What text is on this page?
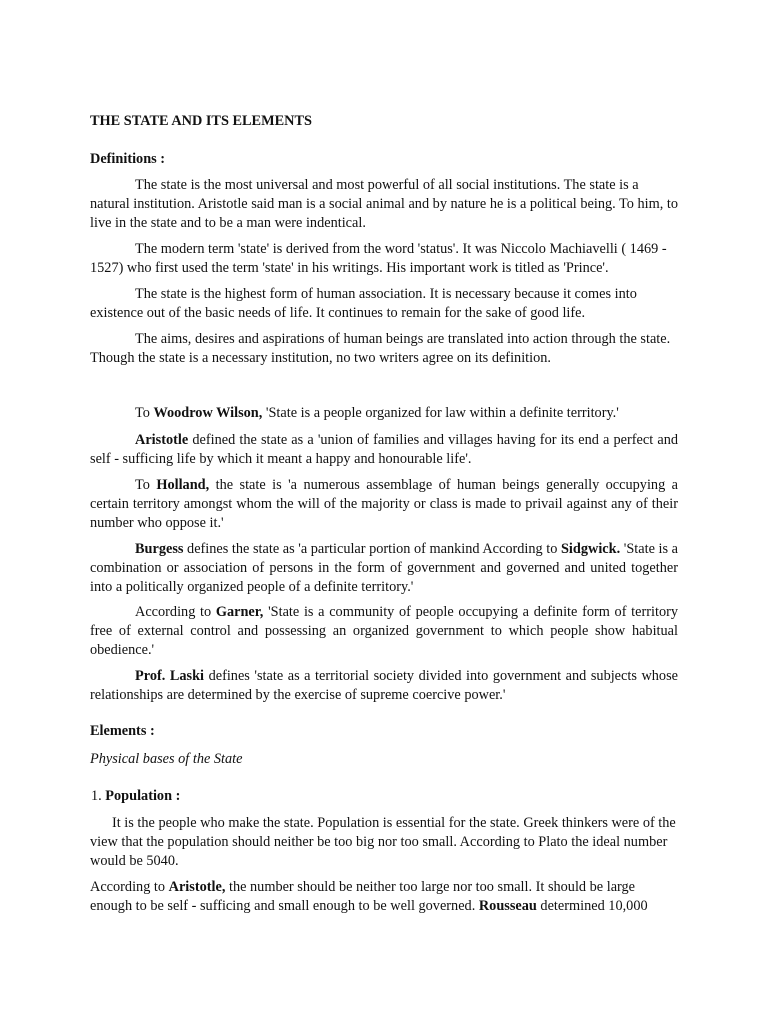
THE STATE AND ITS ELEMENTS
Definitions :

The state is the most universal and most powerful of all social institutions. The state is a natural institution. Aristotle said man is a social animal and by nature he is a political being. To him, to live in the state and to be a man were indentical.

The modern term 'state' is derived from the word 'status'. It was Niccolo Machiavelli ( 1469 - 1527) who first used the term 'state' in his writings. His important work is titled as 'Prince'.

The state is the highest form of human association. It is necessary because it comes into existence out of the basic needs of life. It continues to remain for the sake of good life.

The aims, desires and aspirations of human beings are translated into action through the state. Though the state is a necessary institution, no two writers agree on its definition.

To Woodrow Wilson, 'State is a people organized for law within a definite territory.'

Aristotle defined the state as a 'union of families and villages having for its end a perfect and self - sufficing life by which it meant a happy and honourable life'.

To Holland, the state is 'a numerous assemblage of human beings generally occupying a certain territory amongst whom the will of the majority or class is made to privail against any of their number who oppose it.'

Burgess defines the state as 'a particular portion of mankind According to Sidgwick. 'State is a combination or association of persons in the form of government and governed and united together into a politically organized people of a definite territory.'

According to Garner, 'State is a community of people occupying a definite form of territory free of external control and possessing an organized government to which people show habitual obedience.'

Prof. Laski defines 'state as a territorial society divided into government and subjects whose relationships are determined by the exercise of supreme coercive power.'

Elements :
Physical bases of the State
1. Population :

It is the people who make the state. Population is essential for the state. Greek thinkers were of the view that the population should neither be too big nor too small. According to Plato the ideal number would be 5040.

According to Aristotle, the number should be neither too large nor too small. It should be large enough to be self - sufficing and small enough to be well governed. Rousseau determined 10,000
